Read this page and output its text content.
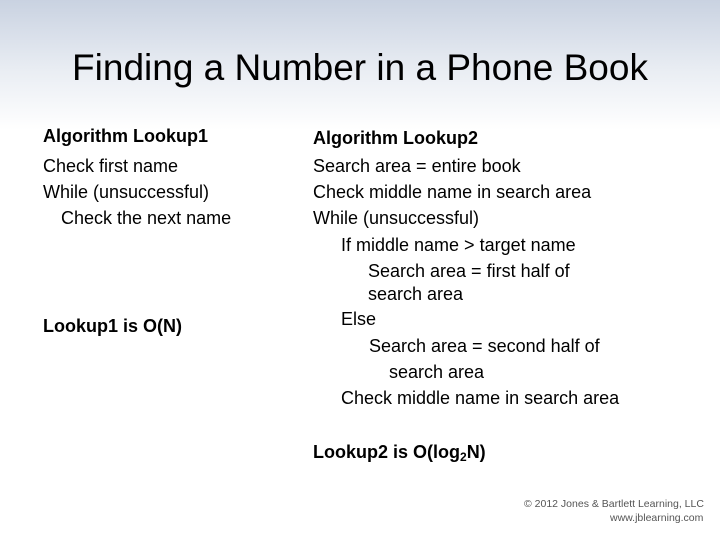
Finding a Number in a Phone Book
Algorithm Lookup1
Check first name
While (unsuccessful)
Check the next name
Lookup1 is O(N)
Algorithm Lookup2
Search area = entire book
Check middle name in search area
While (unsuccessful)
If middle name > target name
Search area = first half of
search area
Else
Search area = second half of
search area
Check middle name in search area
Lookup2 is $O(\log_2N)$
© 2012 Jones & Bartlett Learning, LLC
www.jblearning.com
